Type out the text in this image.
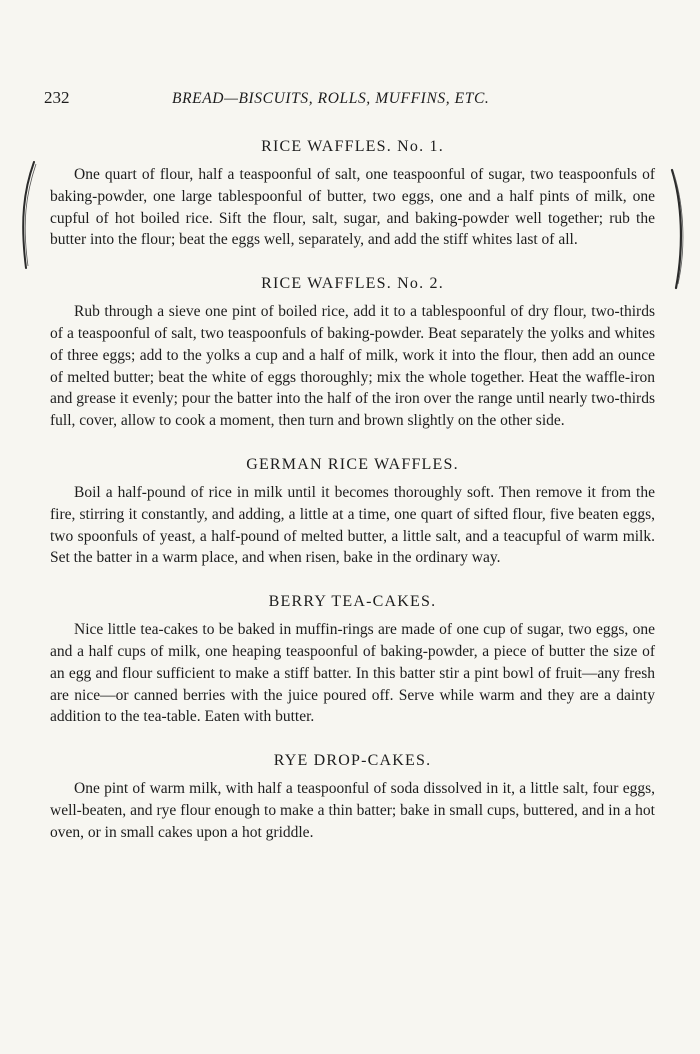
232	BREAD—BISCUITS, ROLLS, MUFFINS, ETC.
RICE WAFFLES. No. 1.

One quart of flour, half a teaspoonful of salt, one teaspoonful of sugar, two teaspoonfuls of baking-powder, one large tablespoonful of butter, two eggs, one and a half pints of milk, one cupful of hot boiled rice. Sift the flour, salt, sugar, and baking-powder well together; rub the butter into the flour; beat the eggs well, separately, and add the stiff whites last of all.

RICE WAFFLES. No. 2.

Rub through a sieve one pint of boiled rice, add it to a tablespoonful of dry flour, two-thirds of a teaspoonful of salt, two teaspoonfuls of baking-powder. Beat separately the yolks and whites of three eggs; add to the yolks a cup and a half of milk, work it into the flour, then add an ounce of melted butter; beat the white of eggs thoroughly; mix the whole together. Heat the waffle-iron and grease it evenly; pour the batter into the half of the iron over the range until nearly two-thirds full, cover, allow to cook a moment, then turn and brown slightly on the other side.

GERMAN RICE WAFFLES.

Boil a half-pound of rice in milk until it becomes thoroughly soft. Then remove it from the fire, stirring it constantly, and adding, a little at a time, one quart of sifted flour, five beaten eggs, two spoonfuls of yeast, a half-pound of melted butter, a little salt, and a teacupful of warm milk. Set the batter in a warm place, and when risen, bake in the ordinary way.

BERRY TEA-CAKES.

Nice little tea-cakes to be baked in muffin-rings are made of one cup of sugar, two eggs, one and a half cups of milk, one heaping teaspoonful of baking-powder, a piece of butter the size of an egg and flour sufficient to make a stiff batter. In this batter stir a pint bowl of fruit—any fresh are nice—or canned berries with the juice poured off. Serve while warm and they are a dainty addition to the tea-table. Eaten with butter.

RYE DROP-CAKES.

One pint of warm milk, with half a teaspoonful of soda dissolved in it, a little salt, four eggs, well-beaten, and rye flour enough to make a thin batter; bake in small cups, buttered, and in a hot oven, or in small cakes upon a hot griddle.
